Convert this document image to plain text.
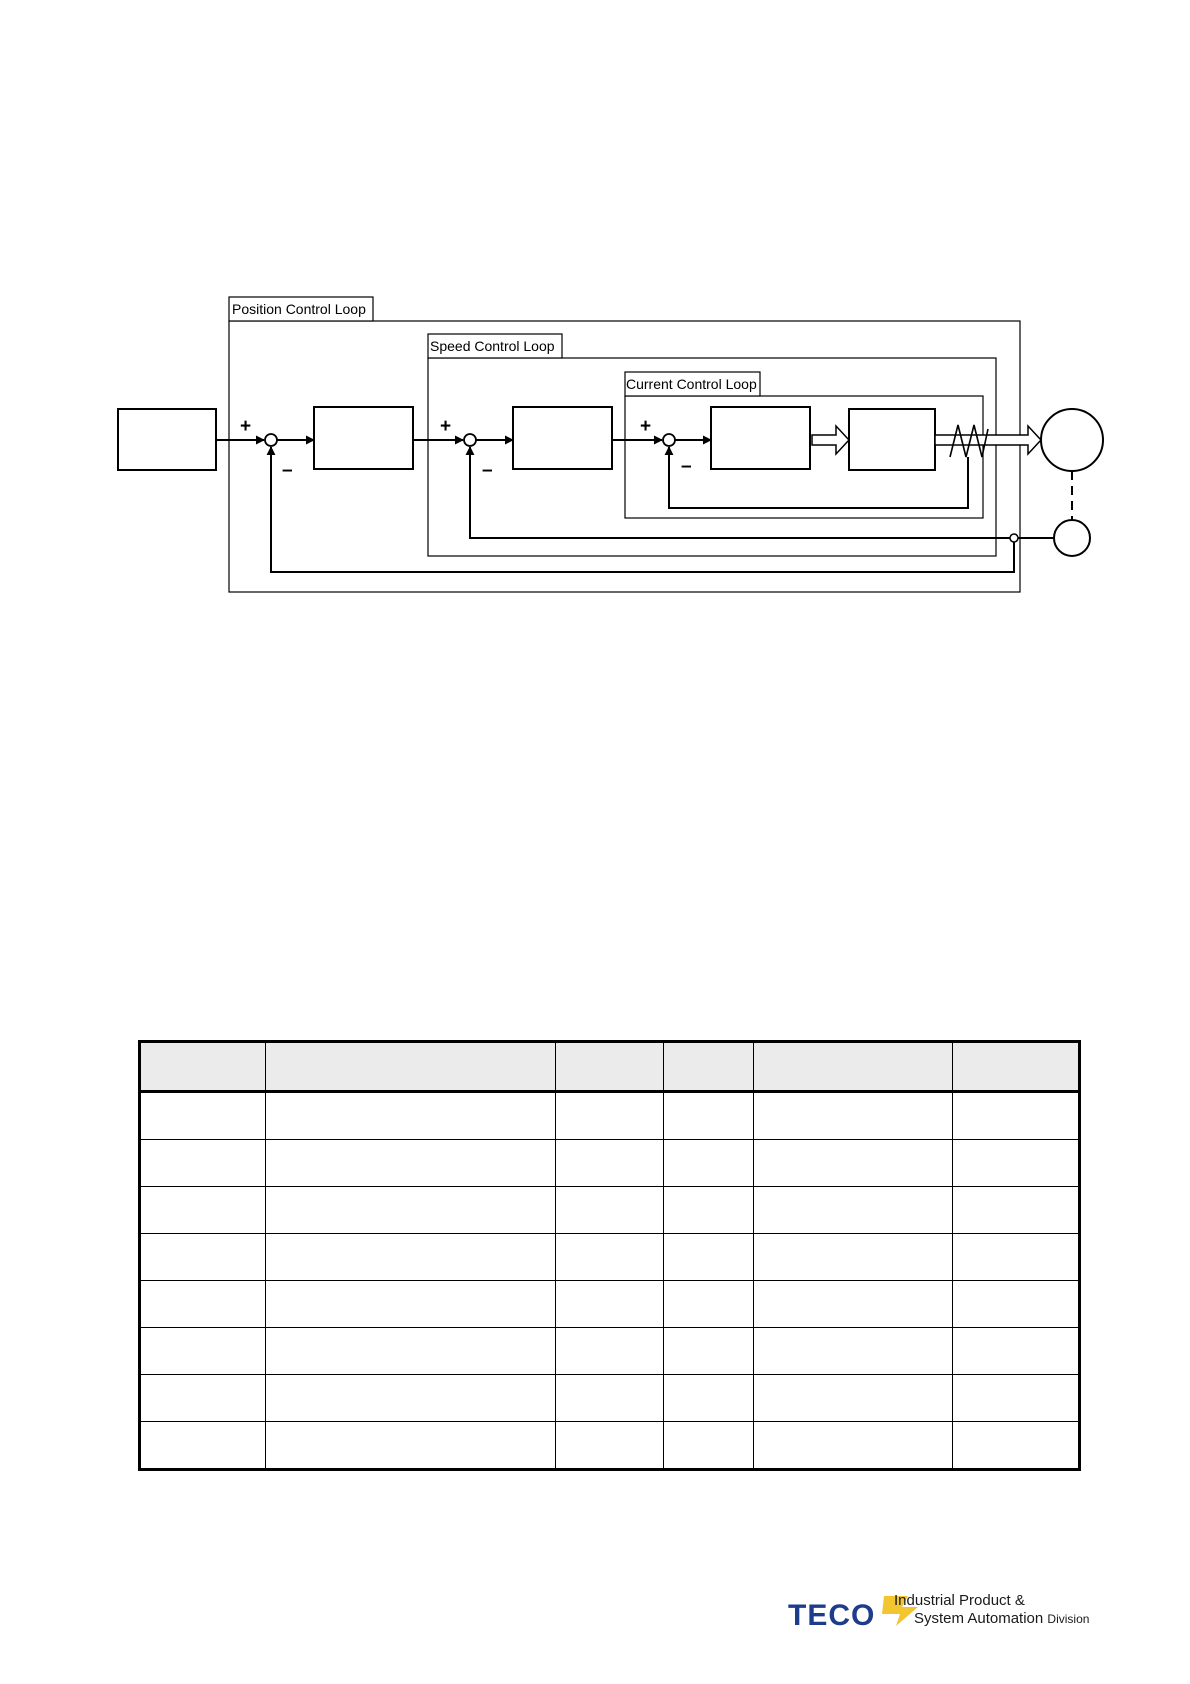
Position Control Loop
Speed Control Loop
Current Control Loop
+
–
+
–
+
–

TECO Industrial Product &
System Automation Division
